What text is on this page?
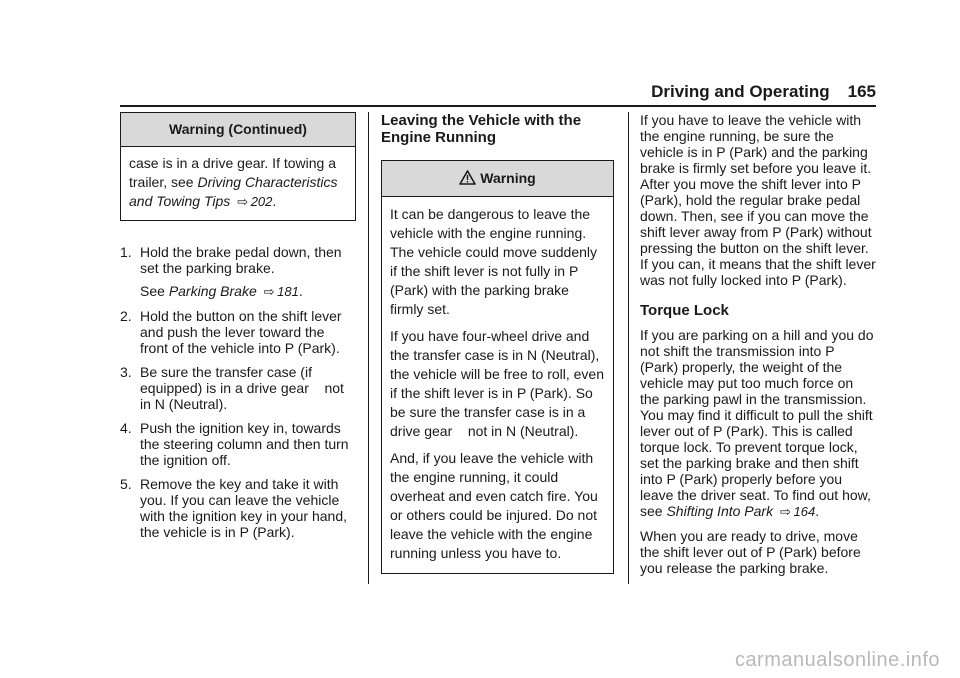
Driving and Operating 165
Warning (Continued)
case is in a drive gear. If towing a trailer, see Driving Characteristics and Towing Tips ⇨ 202.
1. Hold the brake pedal down, then set the parking brake.
See Parking Brake ⇨ 181.
2. Hold the button on the shift lever and push the lever toward the front of the vehicle into P (Park).
3. Be sure the transfer case (if equipped) is in a drive gear    not in N (Neutral).
4. Push the ignition key in, towards the steering column and then turn the ignition off.
5. Remove the key and take it with you. If you can leave the vehicle with the ignition key in your hand, the vehicle is in P (Park).
Leaving the Vehicle with the Engine Running
Warning

It can be dangerous to leave the vehicle with the engine running. The vehicle could move suddenly if the shift lever is not fully in P (Park) with the parking brake firmly set.

If you have four-wheel drive and the transfer case is in N (Neutral), the vehicle will be free to roll, even if the shift lever is in P (Park). So be sure the transfer case is in a drive gear    not in N (Neutral).

And, if you leave the vehicle with the engine running, it could overheat and even catch fire. You or others could be injured. Do not leave the vehicle with the engine running unless you have to.

If you have to leave the vehicle with the engine running, be sure the vehicle is in P (Park) and the parking brake is firmly set before you leave it. After you move the shift lever into P (Park), hold the regular brake pedal down. Then, see if you can move the shift lever away from P (Park) without pressing the button on the shift lever. If you can, it means that the shift lever was not fully locked into P (Park).

Torque Lock

If you are parking on a hill and you do not shift the transmission into P (Park) properly, the weight of the vehicle may put too much force on the parking pawl in the transmission. You may find it difficult to pull the shift lever out of P (Park). This is called torque lock. To prevent torque lock, set the parking brake and then shift into P (Park) properly before you leave the driver seat. To find out how, see Shifting Into Park ⇨ 164.

When you are ready to drive, move the shift lever out of P (Park) before you release the parking brake.

carmanualsonline.info
